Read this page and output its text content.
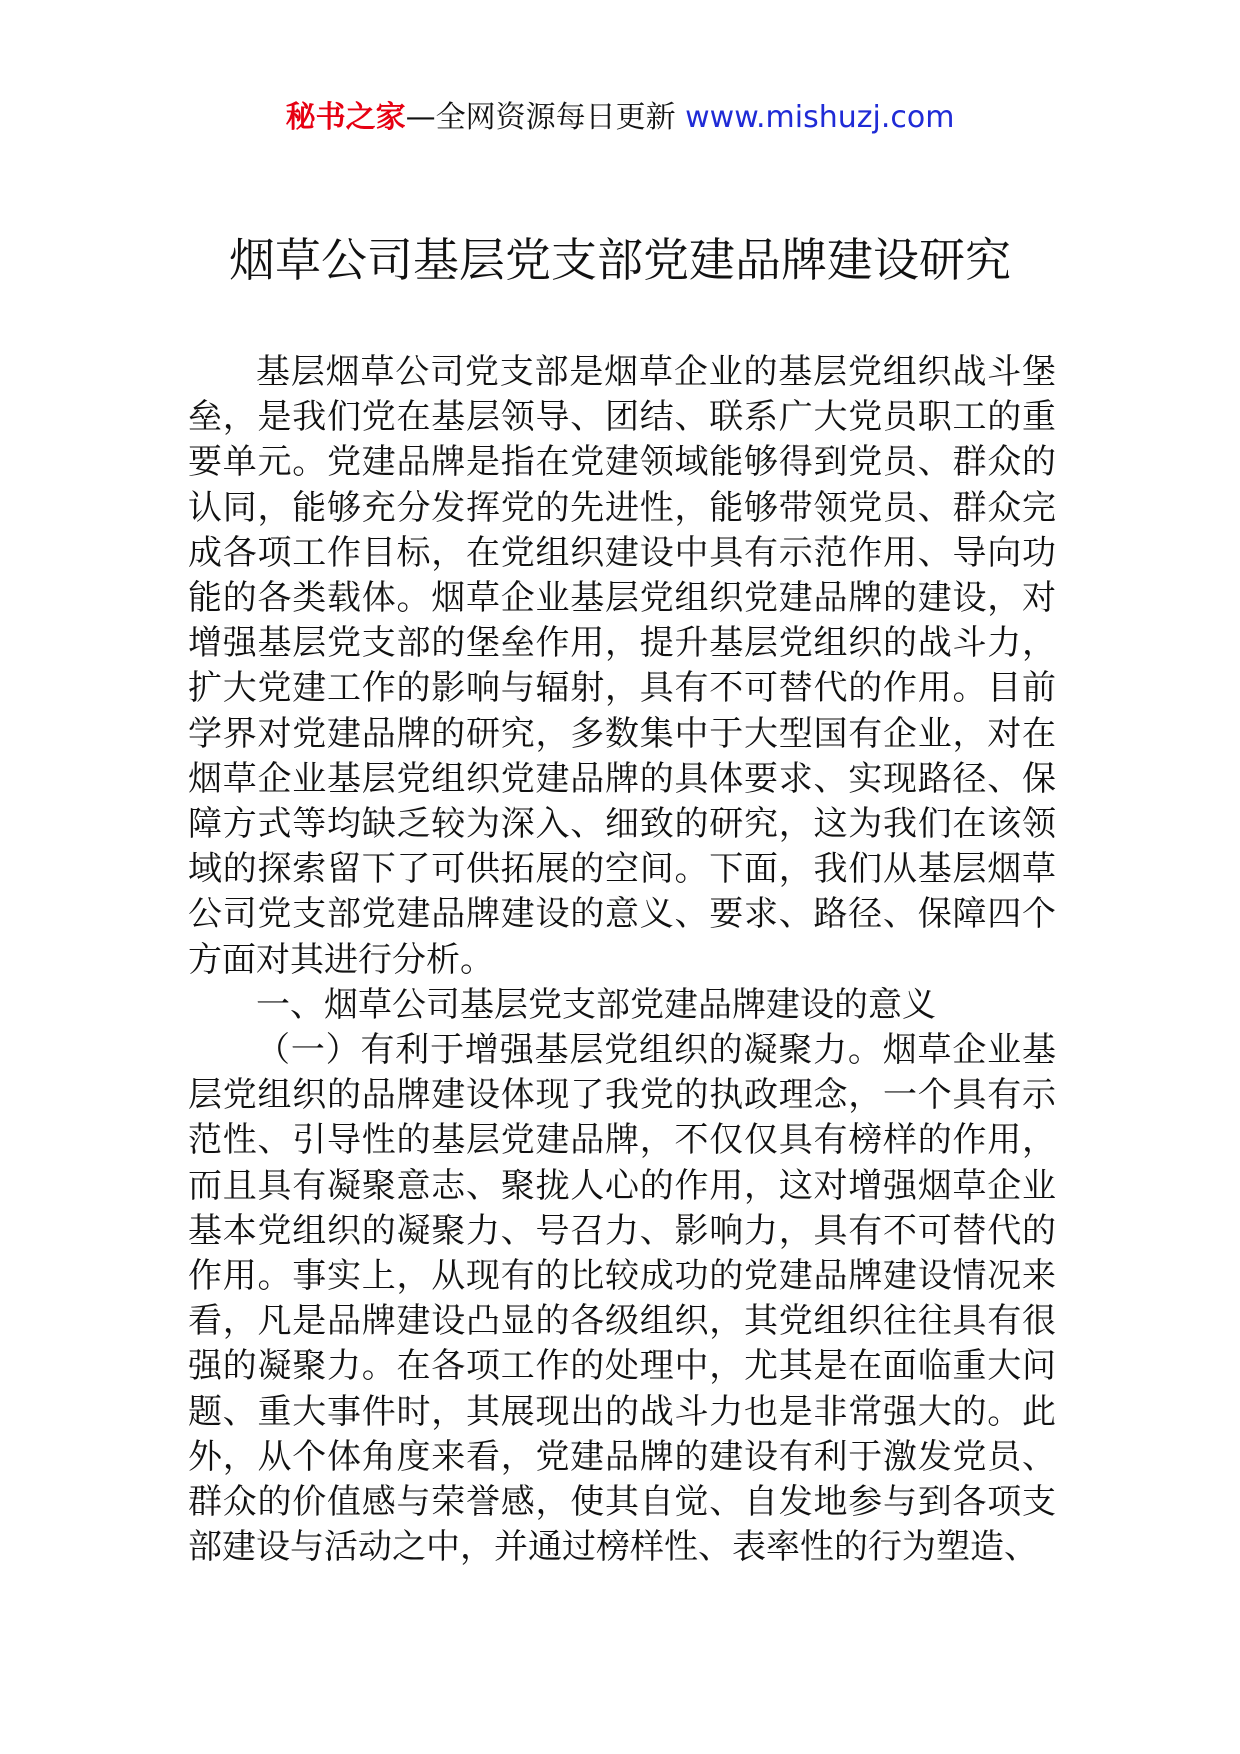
秘书之家—全网资源每日更新 www.mishuzj.com
烟草公司基层党支部党建品牌建设研究

基层烟草公司党支部是烟草企业的基层党组织战斗堡垒，是我们党在基层领导、团结、联系广大党员职工的重要单元。党建品牌是指在党建领域能够得到党员、群众的认同，能够充分发挥党的先进性，能够带领党员、群众完成各项工作目标，在党组织建设中具有示范作用、导向功能的各类载体。烟草企业基层党组织党建品牌的建设，对增强基层党支部的堡垒作用，提升基层党组织的战斗力，扩大党建工作的影响与辐射，具有不可替代的作用。目前学界对党建品牌的研究，多数集中于大型国有企业，对在烟草企业基层党组织党建品牌的具体要求、实现路径、保障方式等均缺乏较为深入、细致的研究，这为我们在该领域的探索留下了可供拓展的空间。下面，我们从基层烟草公司党支部党建品牌建设的意义、要求、路径、保障四个方面对其进行分析。

一、烟草公司基层党支部党建品牌建设的意义

（一）有利于增强基层党组织的凝聚力。烟草企业基层党组织的品牌建设体现了我党的执政理念，一个具有示范性、引导性的基层党建品牌，不仅仅具有榜样的作用，而且具有凝聚意志、聚拢人心的作用，这对增强烟草企业基本党组织的凝聚力、号召力、影响力，具有不可替代的作用。事实上，从现有的比较成功的党建品牌建设情况来看，凡是品牌建设凸显的各级组织，其党组织往往具有很强的凝聚力。在各项工作的处理中，尤其是在面临重大问题、重大事件时，其展现出的战斗力也是非常强大的。此外，从个体角度来看，党建品牌的建设有利于激发党员、群众的价值感与荣誉感，使其自觉、自发地参与到各项支部建设与活动之中，并通过榜样性、表率性的行为塑造、
